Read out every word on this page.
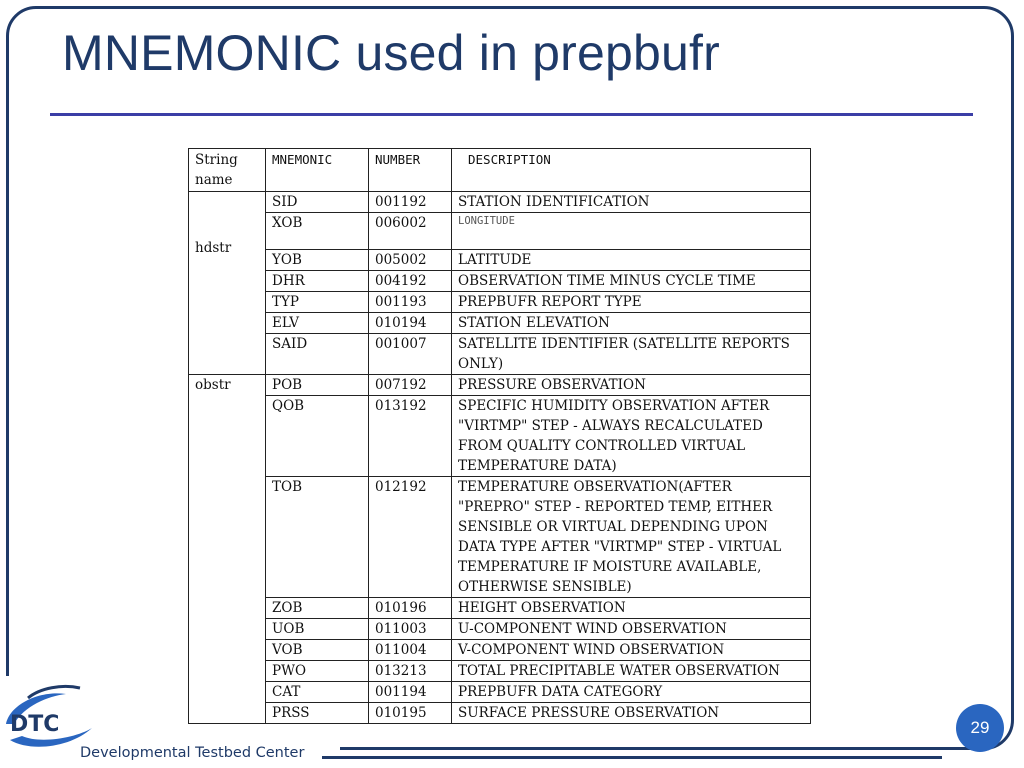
MNEMONIC used in prepbufr
String name	MNEMONIC	NUMBER	DESCRIPTION
hdstr	SID	001192	STATION IDENTIFICATION
	XOB	006002	LONGITUDE
	YOB	005002	LATITUDE
	DHR	004192	OBSERVATION TIME MINUS CYCLE TIME
	TYP	001193	PREPBUFR REPORT TYPE
	ELV	010194	STATION ELEVATION
	SAID	001007	SATELLITE IDENTIFIER (SATELLITE REPORTS ONLY)
obstr	POB	007192	PRESSURE OBSERVATION
	QOB	013192	SPECIFIC HUMIDITY OBSERVATION AFTER "VIRTMP" STEP - ALWAYS RECALCULATED FROM QUALITY CONTROLLED VIRTUAL TEMPERATURE DATA)
	TOB	012192	TEMPERATURE OBSERVATION(AFTER "PREPRO" STEP - REPORTED TEMP, EITHER SENSIBLE OR VIRTUAL DEPENDING UPON DATA TYPE AFTER "VIRTMP" STEP - VIRTUAL TEMPERATURE IF MOISTURE AVAILABLE, OTHERWISE SENSIBLE)
	ZOB	010196	HEIGHT OBSERVATION
	UOB	011003	U-COMPONENT WIND OBSERVATION
	VOB	011004	V-COMPONENT WIND OBSERVATION
	PWO	013213	TOTAL PRECIPITABLE WATER OBSERVATION
	CAT	001194	PREPBUFR DATA CATEGORY
	PRSS	010195	SURFACE PRESSURE OBSERVATION
DTC
Developmental Testbed Center
29
